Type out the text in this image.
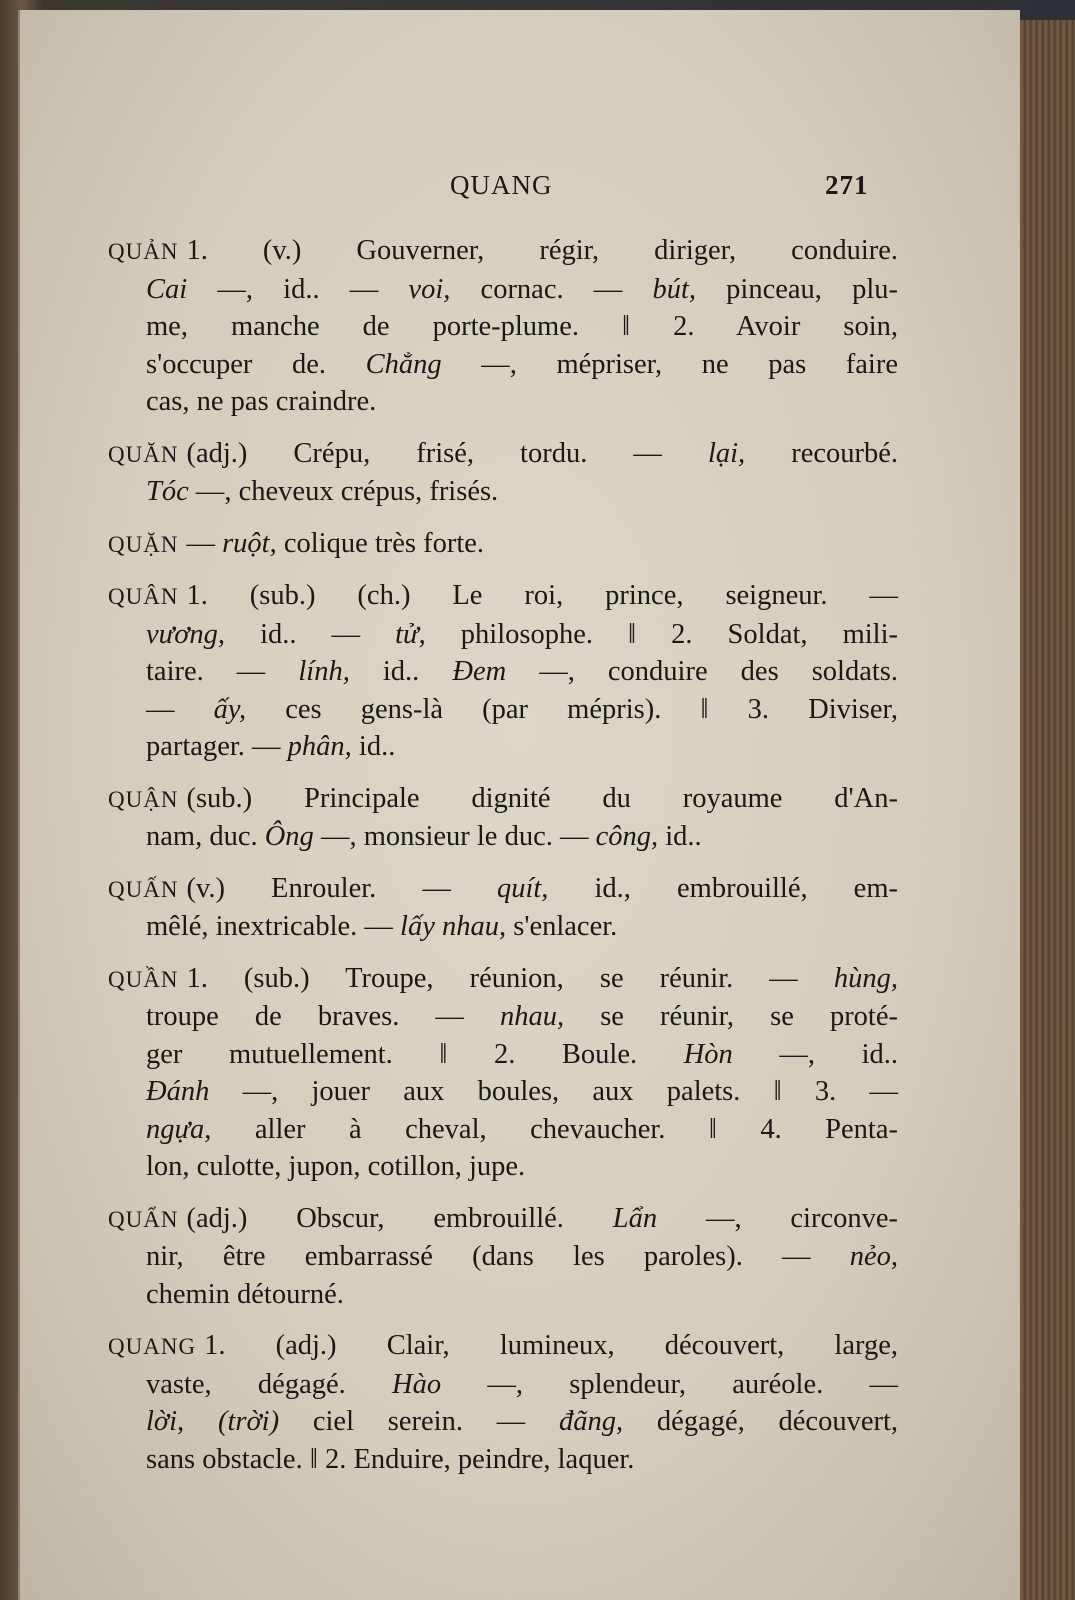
QUANG	271
QUẢN 1. (v.) Gouverner, régir, diriger, conduire.
Cai —, id.. — voi, cornac. — bút, pinceau, plu-
me, manche de porte-plume. ‖ 2. Avoir soin,
s'occuper de. Chẳng —, mépriser, ne pas faire
cas, ne pas craindre.
QUĂN (adj.) Crépu, frisé, tordu. — lại, recourbé.
Tóc —, cheveux crépus, frisés.
QUẶN — ruột, colique très forte.
QUÂN 1. (sub.) (ch.) Le roi, prince, seigneur. —
vương, id.. — tử, philosophe. ‖ 2. Soldat, mili-
taire. — lính, id.. Đem —, conduire des soldats.
— ấy, ces gens-là (par mépris). ‖ 3. Diviser,
partager. — phân, id..
QUẬN (sub.) Principale dignité du royaume d'An-
nam, duc. Ông —, monsieur le duc. — công, id..
QUẤN (v.) Enrouler. — quít, id., embrouillé, em-
mêlé, inextricable. — lấy nhau, s'enlacer.
QUẦN 1. (sub.) Troupe, réunion, se réunir. — hùng,
troupe de braves. — nhau, se réunir, se proté-
ger mutuellement. ‖ 2. Boule. Hòn —, id..
Đánh —, jouer aux boules, aux palets. ‖ 3. —
ngựa, aller à cheval, chevaucher. ‖ 4. Penta-
lon, culotte, jupon, cotillon, jupe.
QUẨN (adj.) Obscur, embrouillé. Lẩn —, circonve-
nir, être embarrassé (dans les paroles). — nẻo,
chemin détourné.
QUANG 1. (adj.) Clair, lumineux, découvert, large,
vaste, dégagé. Hào —, splendeur, auréole. —
lời, (trời) ciel serein. — đãng, dégagé, découvert,
sans obstacle. ‖ 2. Enduire, peindre, laquer.
